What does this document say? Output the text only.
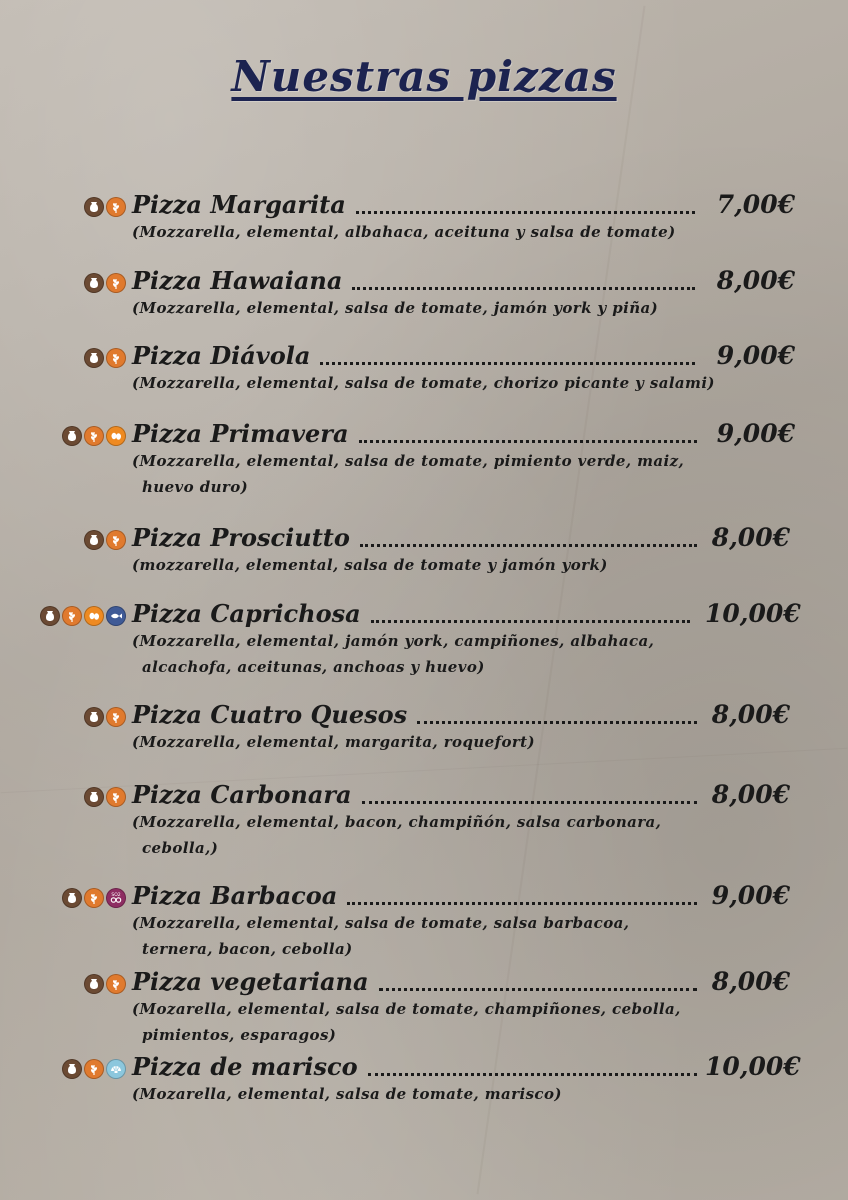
Nuestras pizzas
Pizza Margarita	7,00€
(Mozzarella, elemental, albahaca, aceituna y salsa de tomate)
Pizza Hawaiana	8,00€
(Mozzarella, elemental, salsa de tomate, jamón york y piña)
Pizza Diávola	9,00€
(Mozzarella, elemental, salsa de tomate, chorizo picante y salami)
Pizza Primavera	9,00€
(Mozzarella, elemental, salsa de tomate, pimiento verde, maiz,

huevo duro)
Pizza Prosciutto	8,00€
(mozzarella, elemental, salsa de tomate y jamón york)
Pizza Caprichosa	10,00€
(Mozzarella, elemental, jamón york, campiñones, albahaca,

alcachofa, aceitunas, anchoas y huevo)
Pizza Cuatro Quesos	8,00€
(Mozzarella, elemental, margarita, roquefort)
Pizza Carbonara	8,00€
(Mozzarella, elemental, bacon, champiñón, salsa carbonara,

cebolla,)
SO2 Pizza Barbacoa	9,00€
(Mozzarella, elemental, salsa de tomate, salsa barbacoa,

ternera, bacon, cebolla)
Pizza vegetariana	8,00€
(Mozarella, elemental, salsa de tomate, champiñones, cebolla,

pimientos, esparagos)
Pizza de marisco	10,00€
(Mozarella, elemental, salsa de tomate, marisco)
